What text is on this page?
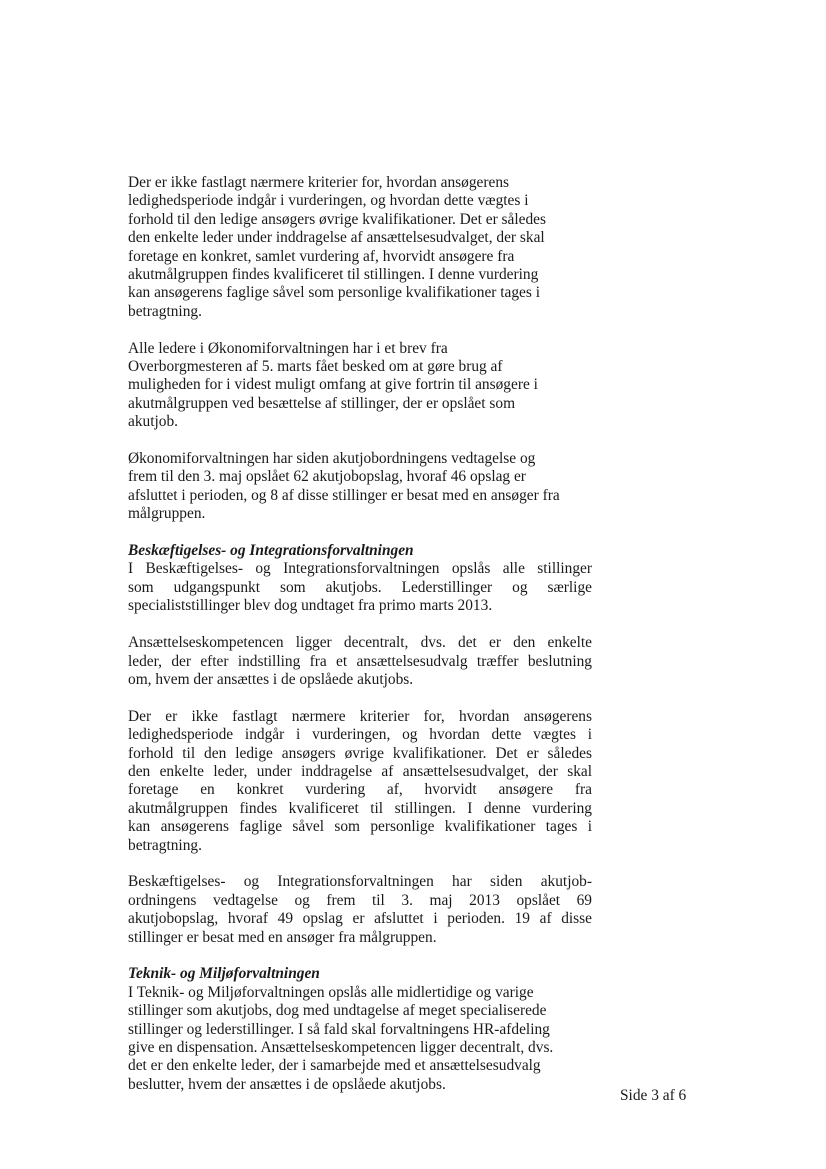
Der er ikke fastlagt nærmere kriterier for, hvordan ansøgerens
ledighedsperiode indgår i vurderingen, og hvordan dette vægtes i
forhold til den ledige ansøgers øvrige kvalifikationer. Det er således
den enkelte leder under inddragelse af ansættelsesudvalget, der skal
foretage en konkret, samlet vurdering af, hvorvidt ansøgere fra
akutmålgruppen findes kvalificeret til stillingen. I denne vurdering
kan ansøgerens faglige såvel som personlige kvalifikationer tages i
betragtning.

Alle ledere i Økonomiforvaltningen har i et brev fra
Overborgmesteren af 5. marts fået besked om at gøre brug af
muligheden for i videst muligt omfang at give fortrin til ansøgere i
akutmålgruppen ved besættelse af stillinger, der er opslået som
akutjob.

Økonomiforvaltningen har siden akutjobordningens vedtagelse og
frem til den 3. maj opslået 62 akutjobopslag, hvoraf 46 opslag er
afsluttet i perioden, og 8 af disse stillinger er besat med en ansøger fra
målgruppen.

Beskæftigelses- og Integrationsforvaltningen

I Beskæftigelses- og Integrationsforvaltningen opslås alle stillinger
som udgangspunkt som akutjobs. Lederstillinger og særlige
specialiststillinger blev dog undtaget fra primo marts 2013.

Ansættelseskompetencen ligger decentralt, dvs. det er den enkelte
leder, der efter indstilling fra et ansættelsesudvalg træffer beslutning
om, hvem der ansættes i de opslåede akutjobs.

Der er ikke fastlagt nærmere kriterier for, hvordan ansøgerens
ledighedsperiode indgår i vurderingen, og hvordan dette vægtes i
forhold til den ledige ansøgers øvrige kvalifikationer. Det er således
den enkelte leder, under inddragelse af ansættelsesudvalget, der skal
foretage en konkret vurdering af, hvorvidt ansøgere fra
akutmålgruppen findes kvalificeret til stillingen. I denne vurdering
kan ansøgerens faglige såvel som personlige kvalifikationer tages i
betragtning.

Beskæftigelses- og Integrationsforvaltningen har siden akutjob-
ordningens vedtagelse og frem til 3. maj 2013 opslået 69
akutjobopslag, hvoraf 49 opslag er afsluttet i perioden. 19 af disse
stillinger er besat med en ansøger fra målgruppen.

Teknik- og Miljøforvaltningen

I Teknik- og Miljøforvaltningen opslås alle midlertidige og varige
stillinger som akutjobs, dog med undtagelse af meget specialiserede
stillinger og lederstillinger. I så fald skal forvaltningens HR-afdeling
give en dispensation. Ansættelseskompetencen ligger decentralt, dvs.
det er den enkelte leder, der i samarbejde med et ansættelsesudvalg
beslutter, hvem der ansættes i de opslåede akutjobs.

Side 3 af 6
